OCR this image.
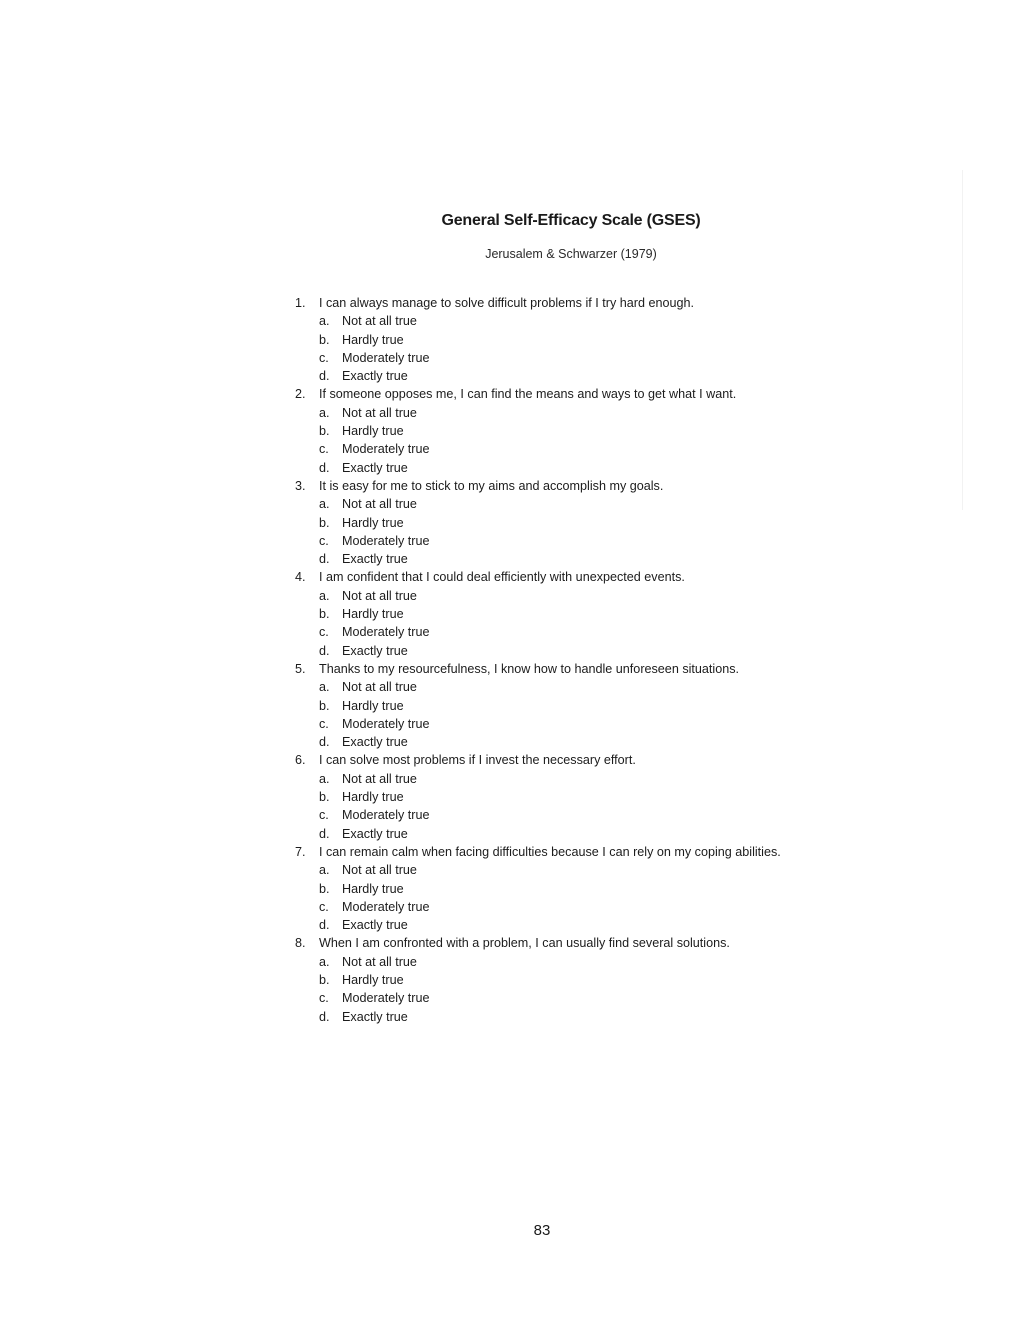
General Self-Efficacy Scale (GSES)
Jerusalem & Schwarzer (1979)
1.	I can always manage to solve difficult problems if I try hard enough.
a. Not at all true
b. Hardly true
c.	Moderately true
d. Exactly true
2.	If someone opposes me, I can find the means and ways to get what I want.
a. Not at all true
b. Hardly true
c.	Moderately true
d. Exactly true
3.	It is easy for me to stick to my aims and accomplish my goals.
a. Not at all true
b. Hardly true
c.	Moderately true
d. Exactly true
4.	I am confident that I could deal efficiently with unexpected events.
a. Not at all true
b. Hardly true
c.	Moderately true
d. Exactly true
5.	Thanks to my resourcefulness, I know how to handle unforeseen situations.
a. Not at all true
b. Hardly true
c.	Moderately true
d. Exactly true
6.	I can solve most problems if I invest the necessary effort.
a. Not at all true
b. Hardly true
c.	Moderately true
d. Exactly true
7.	I can remain calm when facing difficulties because I can rely on my coping abilities.
a. Not at all true
b. Hardly true
c.	Moderately true
d. Exactly true
8.	When I am confronted with a problem, I can usually find several solutions.
a. Not at all true
b. Hardly true
c.	Moderately true
d. Exactly true
83
